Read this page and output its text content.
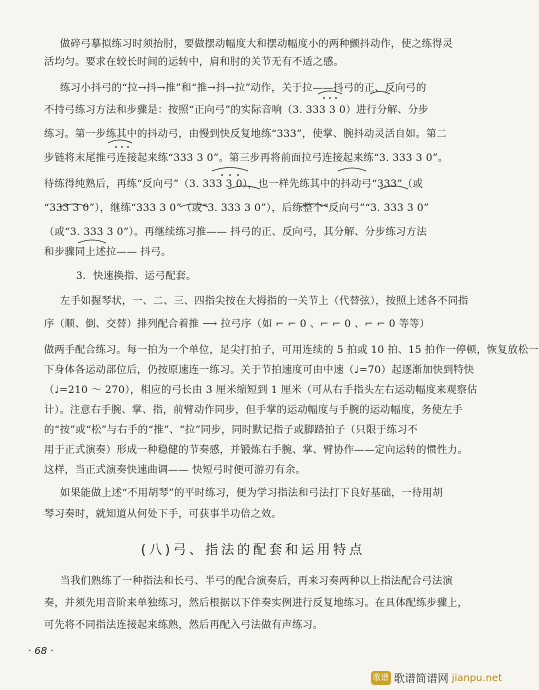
做碎弓摹拟练习时须抬肘，要做摆动幅度大和摆动幅度小的两种颤抖动作，使之练得灵
活均匀。要求在较长时间的运转中，肩和肘的关节无有不适之感。
练习小抖弓的“拉→抖→推”和“推→抖→拉”动作，关于拉——抖弓的正、反向弓的
不持弓练习方法和步骤是：按照“正向弓”的实际音响（3. 333 3 0）进行分解、分步
练习。第一步练其中的抖动弓，由慢到快反复地练“333”，使掌、腕抖动灵活自如。第二
步链将末尾推弓连接起来练“333 3 0”。第三步再将前面拉弓连接起来练“3. 333 3 0”。
待练得纯熟后，再练“反向弓”（3. 333 3 0），也一样先练其中的抖动弓“333”（或
“333 3 0”），继练“333 3 0”（或“3. 333 3 0”），后练整个“反向弓”“3. 333 3 0”
（或“3. 333 3 0”）。再继续练习推—— 抖弓的正、反向弓，其分解、分步练习方法
和步骤同上述拉—— 抖弓。
3．快速换指、运弓配套。
左手如握琴状，一、二、三、四指尖按在大拇指的一关节上（代替弦），按照上述各不同指
序（顺、倒、交替）排列配合着推 ⟶ 拉弓序（如 ⌐ ⌐ 0 、⌐ ⌐ 0 、⌐ ⌐ 0 等等）
做两手配合练习。每一拍为一个单位，足尖打拍子，可用连续的 5 拍或 10 拍、15 拍作一停顿，恢复放松一
下身体各运动部位后，仍按原速连一练习。关于节拍速度可由中速（♩=70）起逐渐加快到特快
（♩=210 ～ 270），相应的弓长由 3 厘米缩短到 1 厘米（可从右手指头左右运动幅度来观察估
计）。注意右手腕、掌、指，前臂动作同步，但手掌的运动幅度与手腕的运动幅度，务使左手
的“按”或“松”与右手的“推”、“拉”同步，同时默记指子或脚踏拍子（只限于练习不
用于正式演奏）形成一种稳健的节奏感，并锻炼右手腕、掌、臂协作——定向运转的惯性力。
这样，当正式演奏快速曲调—— 快短弓时便可游刃有余。
如果能做上述“不用胡琴”的平时练习，便为学习指法和弓法打下良好基础，一待用胡
琴习奏时，就知道从何处下手，可获事半功倍之效。
(八)弓、指法的配套和运用特点
当我们熟练了一种指法和长弓、半弓的配合演奏后，再来习奏两种以上指法配合弓法演
奏，并须先用音阶来单独练习，然后根据以下伴奏实例进行反复地练习。在具体配练步骤上，
可先将不同指法连接起来练熟，然后再配入弓法做有声练习。
· 68 ·
歌谱 歌谱简谱网 jianpu.net
